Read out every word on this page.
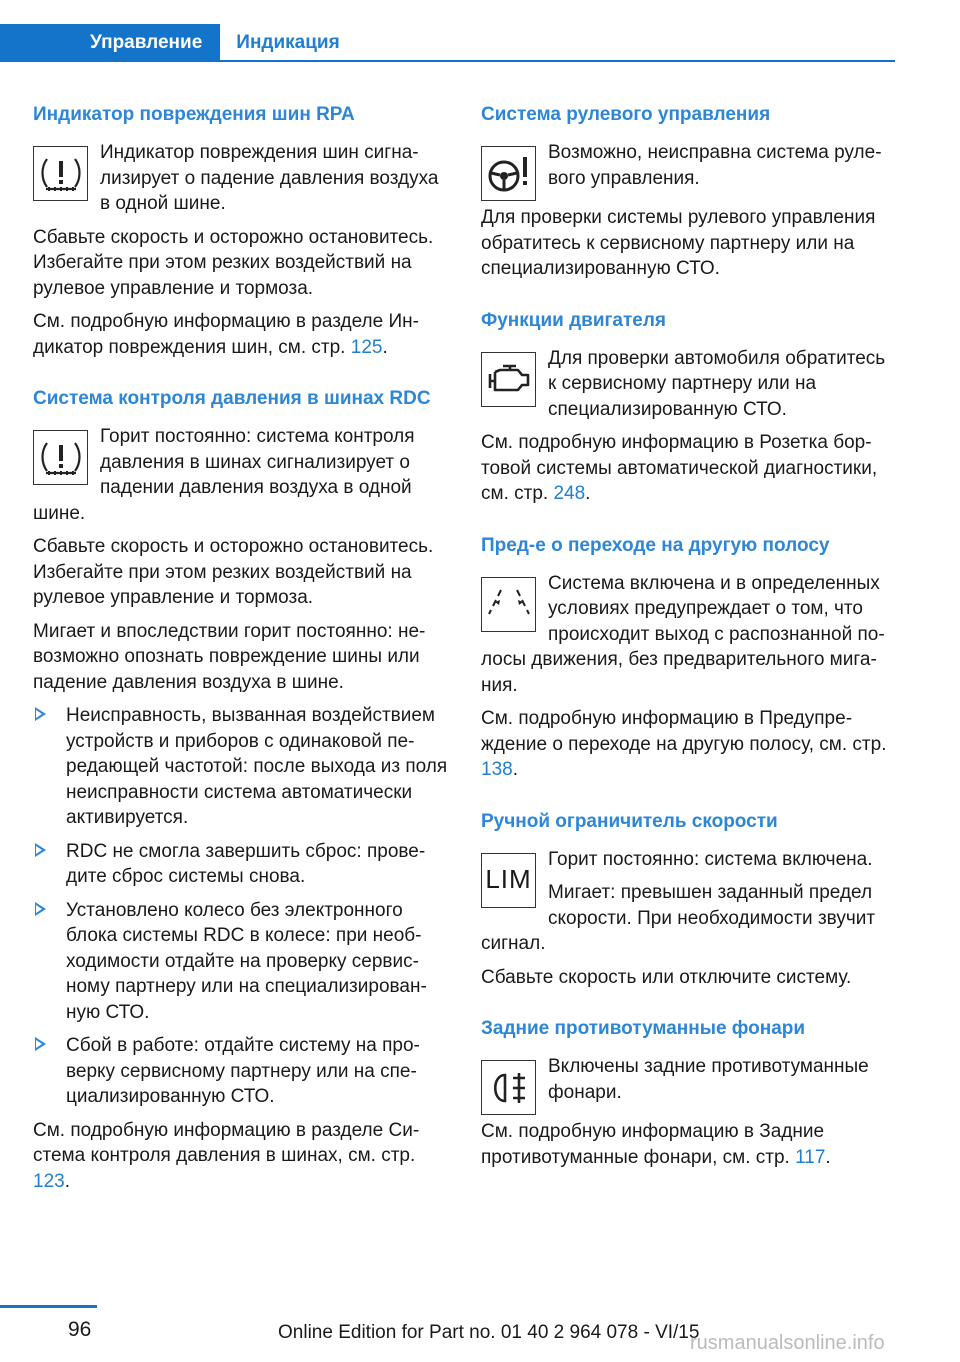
Управление	Индикация
Индикатор повреждения шин RPA

Индикатор повреждения шин сигнализирует о падение давления воздуха в одной шине.

Сбавьте скорость и осторожно остановитесь. Избегайте при этом резких воздействий на рулевое управление и тормоза.

См. подробную информацию в разделе Индикатор повреждения шин, см. стр. 125.

Система контроля давления в шинах RDC

Горит постоянно: система контроля давления в шинах сигнализирует о падении давления воздуха в одной шине.

Сбавьте скорость и осторожно остановитесь. Избегайте при этом резких воздействий на рулевое управление и тормоза.

Мигает и впоследствии горит постоянно: невозможно опознать повреждение шины или падение давления воздуха в шине.

Неисправность, вызванная воздействием устройств и приборов с одинаковой передающей частотой: после выхода из поля неисправности система автоматически активируется.
RDC не смогла завершить сброс: проведите сброс системы снова.
Установлено колесо без электронного блока системы RDC в колесе: при необходимости отдайте на проверку сервисному партнеру или на специализированную СТО.
Сбой в работе: отдайте систему на проверку сервисному партнеру или на специализированную СТО.

См. подробную информацию в разделе Система контроля давления в шинах, см. стр. 123.

Система рулевого управления

Возможно, неисправна система рулевого управления.

Для проверки системы рулевого управления обратитесь к сервисному партнеру или на специализированную СТО.

Функции двигателя

Для проверки автомобиля обратитесь к сервисному партнеру или на специализированную СТО.

См. подробную информацию в Розетка бортовой системы автоматической диагностики, см. стр. 248.

Пред-е о переходе на другую полосу

Система включена и в определенных условиях предупреждает о том, что происходит выход с распознанной полосы движения, без предварительного мигания.

См. подробную информацию в Предупреждение о переходе на другую полосу, см. стр. 138.

Ручной ограничитель скорости
LIM

Горит постоянно: система включена.

Мигает: превышен заданный предел скорости. При необходимости звучит сигнал.

Сбавьте скорость или отключите систему.

Задние противотуманные фонари

Включены задние противотуманные фонари.

См. подробную информацию в Задние противотуманные фонари, см. стр. 117.

96	Online Edition for Part no. 01 40 2 964 078 - VI/15
rusmanualsonline.info
